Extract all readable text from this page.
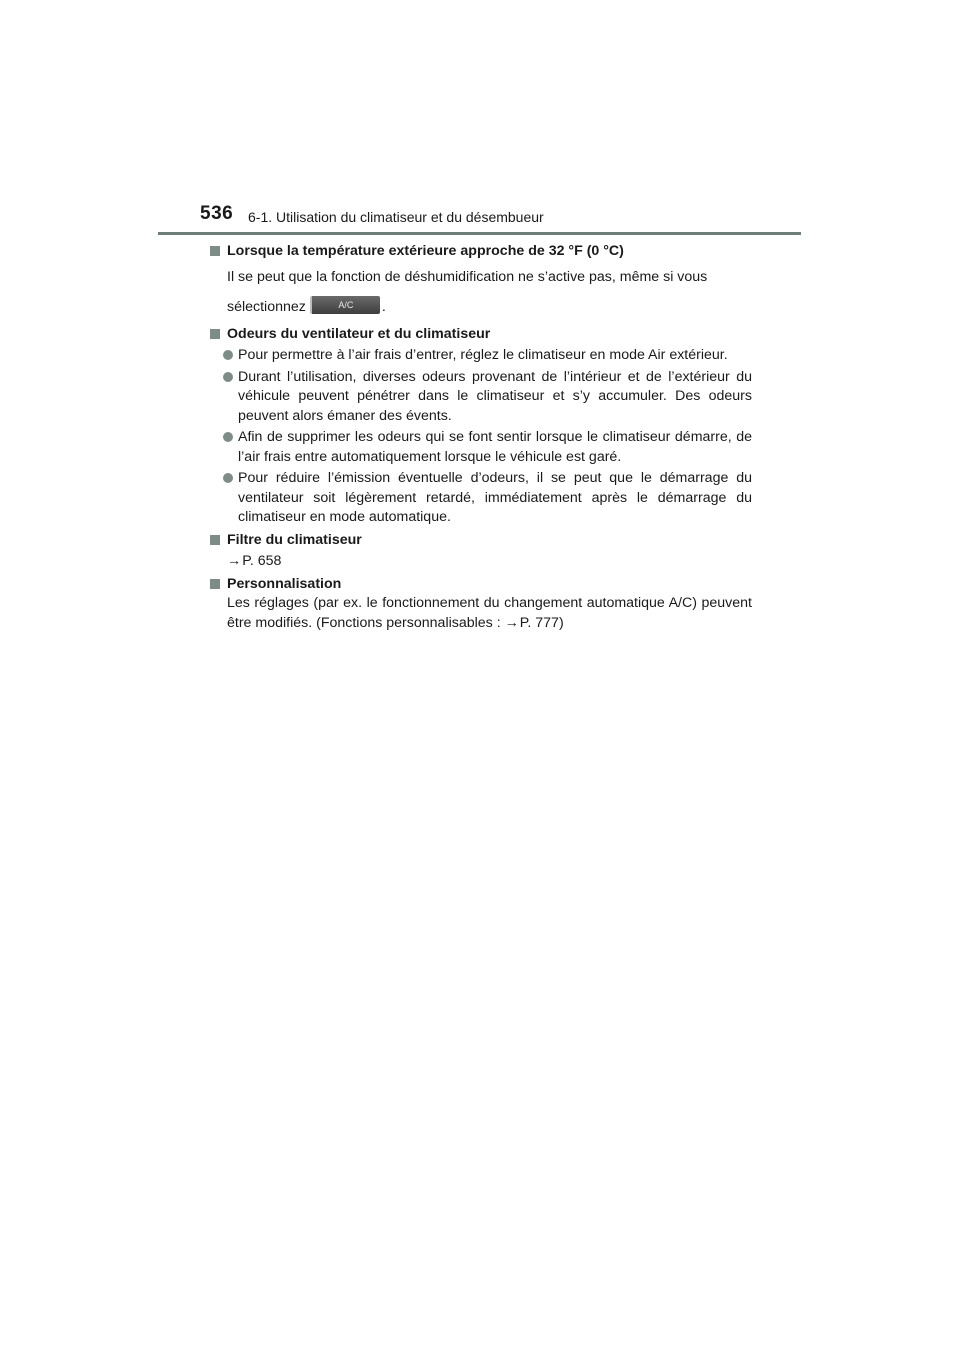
536 6-1. Utilisation du climatiseur et du désembueur
Lorsque la température extérieure approche de 32 °F (0 °C)
Il se peut que la fonction de déshumidification ne s’active pas, même si vous sélectionnez	A/C .
Odeurs du ventilateur et du climatiseur
Pour permettre à l’air frais d’entrer, réglez le climatiseur en mode Air extérieur.
Durant l’utilisation, diverses odeurs provenant de l’intérieur et de l’extérieur du véhicule peuvent pénétrer dans le climatiseur et s’y accumuler. Des odeurs peuvent alors émaner des évents.
Afin de supprimer les odeurs qui se font sentir lorsque le climatiseur démarre, de l’air frais entre automatiquement lorsque le véhicule est garé.
Pour réduire l’émission éventuelle d’odeurs, il se peut que le démarrage du ventilateur soit légèrement retardé, immédiatement après le démarrage du climatiseur en mode automatique.
Filtre du climatiseur
→P. 658
Personnalisation
Les réglages (par ex. le fonctionnement du changement automatique A/C) peuvent être modifiés. (Fonctions personnalisables : →P. 777)
